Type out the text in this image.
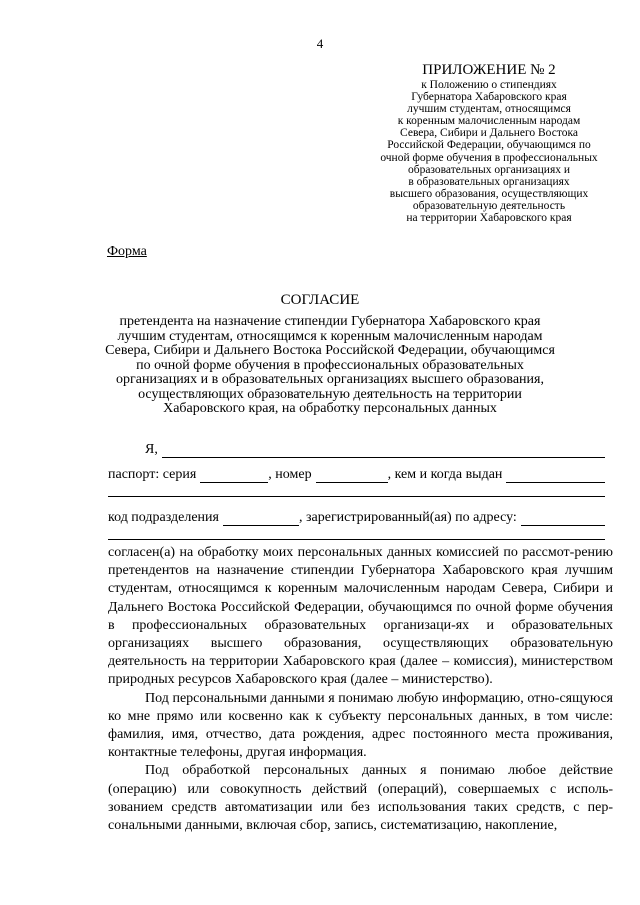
4
ПРИЛОЖЕНИЕ № 2
к Положению о стипендиях
Губернатора Хабаровского края
лучшим студентам, относящимся
к коренным малочисленным народам
Севера, Сибири и Дальнего Востока
Российской Федерации, обучающимся по
очной форме обучения в профессиональных
образовательных организациях и
в образовательных организациях
высшего образования, осуществляющих
образовательную деятельность
на территории Хабаровского края
Форма
СОГЛАСИЕ
претендента на назначение стипендии Губернатора Хабаровского края
лучшим студентам, относящимся к коренным малочисленным народам
Севера, Сибири и Дальнего Востока Российской Федерации, обучающимся
по очной форме обучения в профессиональных образовательных
организациях и в образовательных организациях высшего образования,
осуществляющих образовательную деятельность на территории
Хабаровского края, на обработку персональных данных
Я,
паспорт: серия	, номер	, кем и когда выдан
код подразделения	, зарегистрированный(ая) по адресу:

согласен(а) на обработку моих персональных данных комиссией по рассмот-рению претендентов на назначение стипендии Губернатора Хабаровского края лучшим студентам, относящимся к коренным малочисленным народам Севера, Сибири и Дальнего Востока Российской Федерации, обучающимся по очной форме обучения в профессиональных образовательных организаци-ях и образовательных организациях высшего образования, осуществляющих образовательную деятельность на территории Хабаровского края (далее – комиссия), министерством природных ресурсов Хабаровского края (далее – министерство).

Под персональными данными я понимаю любую информацию, отно-сящуюся ко мне прямо или косвенно как к субъекту персональных данных, в том числе: фамилия, имя, отчество, дата рождения, адрес постоянного места проживания, контактные телефоны, другая информация.

Под обработкой персональных данных я понимаю любое действие (операцию) или совокупность действий (операций), совершаемых с исполь-зованием средств автоматизации или без использования таких средств, с пер-сональными данными, включая сбор, запись, систематизацию, накопление,
